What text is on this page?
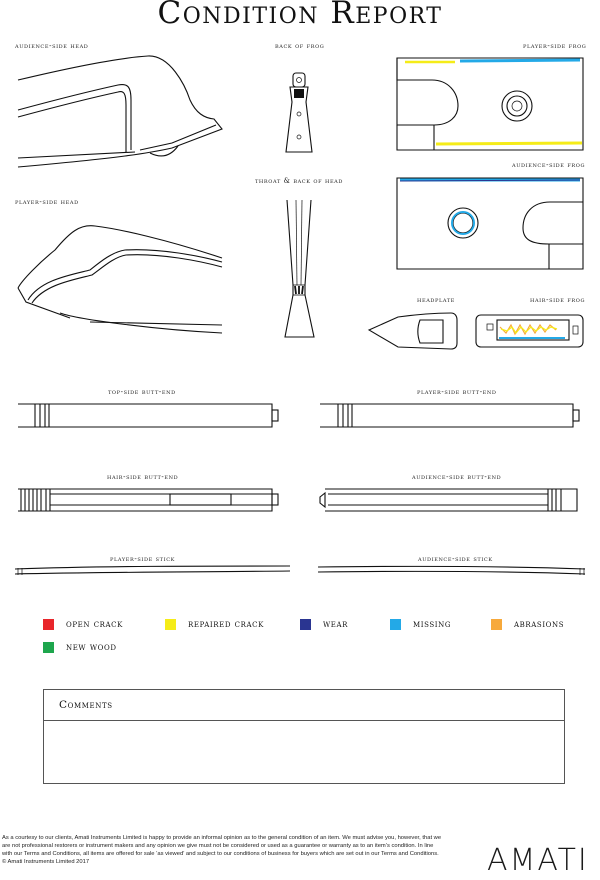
Condition Report
audience-side head	back of frog	player-side frog
audience-side frog
throat & back of head
player-side head
headplate	hair-side frog
top-side butt-end	player-side butt-end
hair-side butt-end	audience-side butt-end
player-side stick	audience-side stick
open crack	repaired crack	wear	missing	abrasions
new wood
Comments
As a courtesy to our clients, Amati Instruments Limited is happy to provide an informal opinion as to the general condition of an item. We must advise you, however, that we are not professional restorers or instrument makers and any opinion we give must not be considered or used as a guarantee or warranty as to an item’s condition. In line with our Terms and Conditions, all items are offered for sale ‘as viewed’ and subject to our conditions of business for buyers which are set out in our Terms and Conditions. © Amati Instruments Limited 2017	AMATI
